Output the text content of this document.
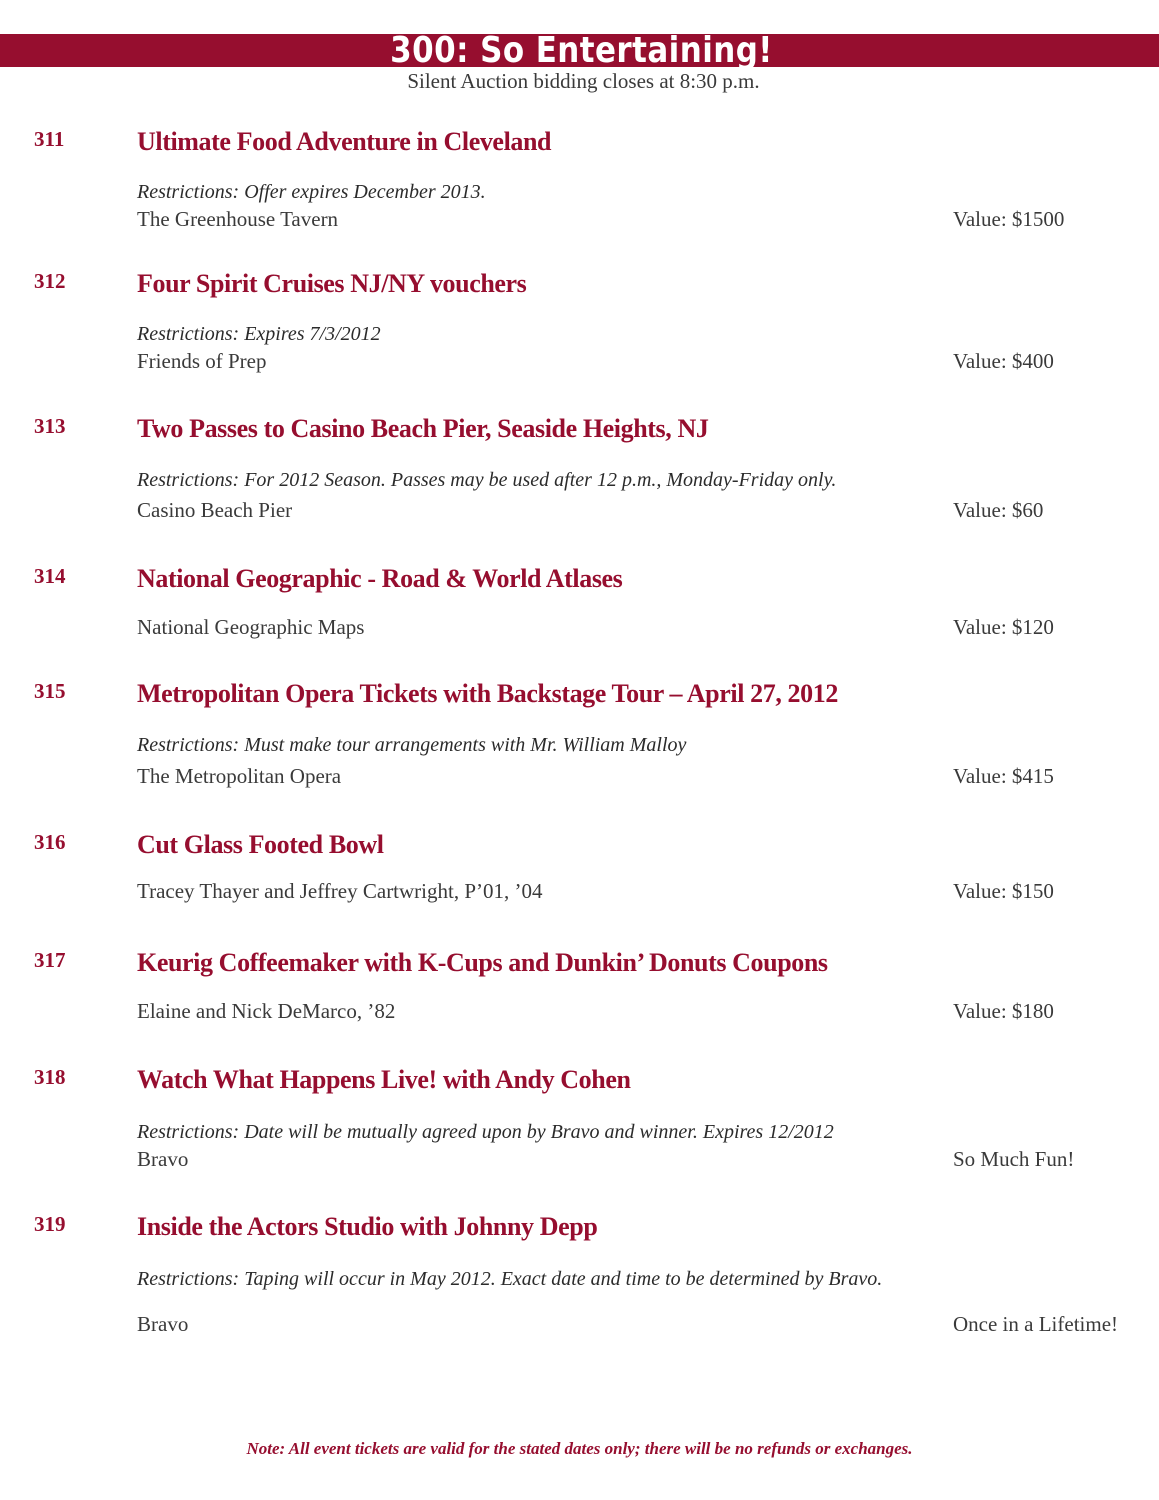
300: So Entertaining!
Silent Auction bidding closes at 8:30 p.m.
311	Ultimate Food Adventure in Cleveland
Restrictions: Offer expires December 2013.
The Greenhouse Tavern	Value: $1500
312	Four Spirit Cruises NJ/NY vouchers
Restrictions: Expires 7/3/2012
Friends of Prep	Value: $400
313	Two Passes to Casino Beach Pier, Seaside Heights, NJ
Restrictions: For 2012 Season. Passes may be used after 12 p.m., Monday-Friday only.
Casino Beach Pier	Value: $60
314	National Geographic - Road & World Atlases
National Geographic Maps	Value: $120
315	Metropolitan Opera Tickets with Backstage Tour – April 27, 2012
Restrictions: Must make tour arrangements with Mr. William Malloy
The Metropolitan Opera	Value: $415
316	Cut Glass Footed Bowl
Tracey Thayer and Jeffrey Cartwright, P’01, ’04	Value: $150
317	Keurig Coffeemaker with K-Cups and Dunkin’ Donuts Coupons
Elaine and Nick DeMarco, ’82	Value: $180
318	Watch What Happens Live! with Andy Cohen
Restrictions: Date will be mutually agreed upon by Bravo and winner. Expires 12/2012
Bravo	So Much Fun!
319	Inside the Actors Studio with Johnny Depp
Restrictions: Taping will occur in May 2012. Exact date and time to be determined by Bravo.
Bravo	Once in a Lifetime!
Note: All event tickets are valid for the stated dates only; there will be no refunds or exchanges.
